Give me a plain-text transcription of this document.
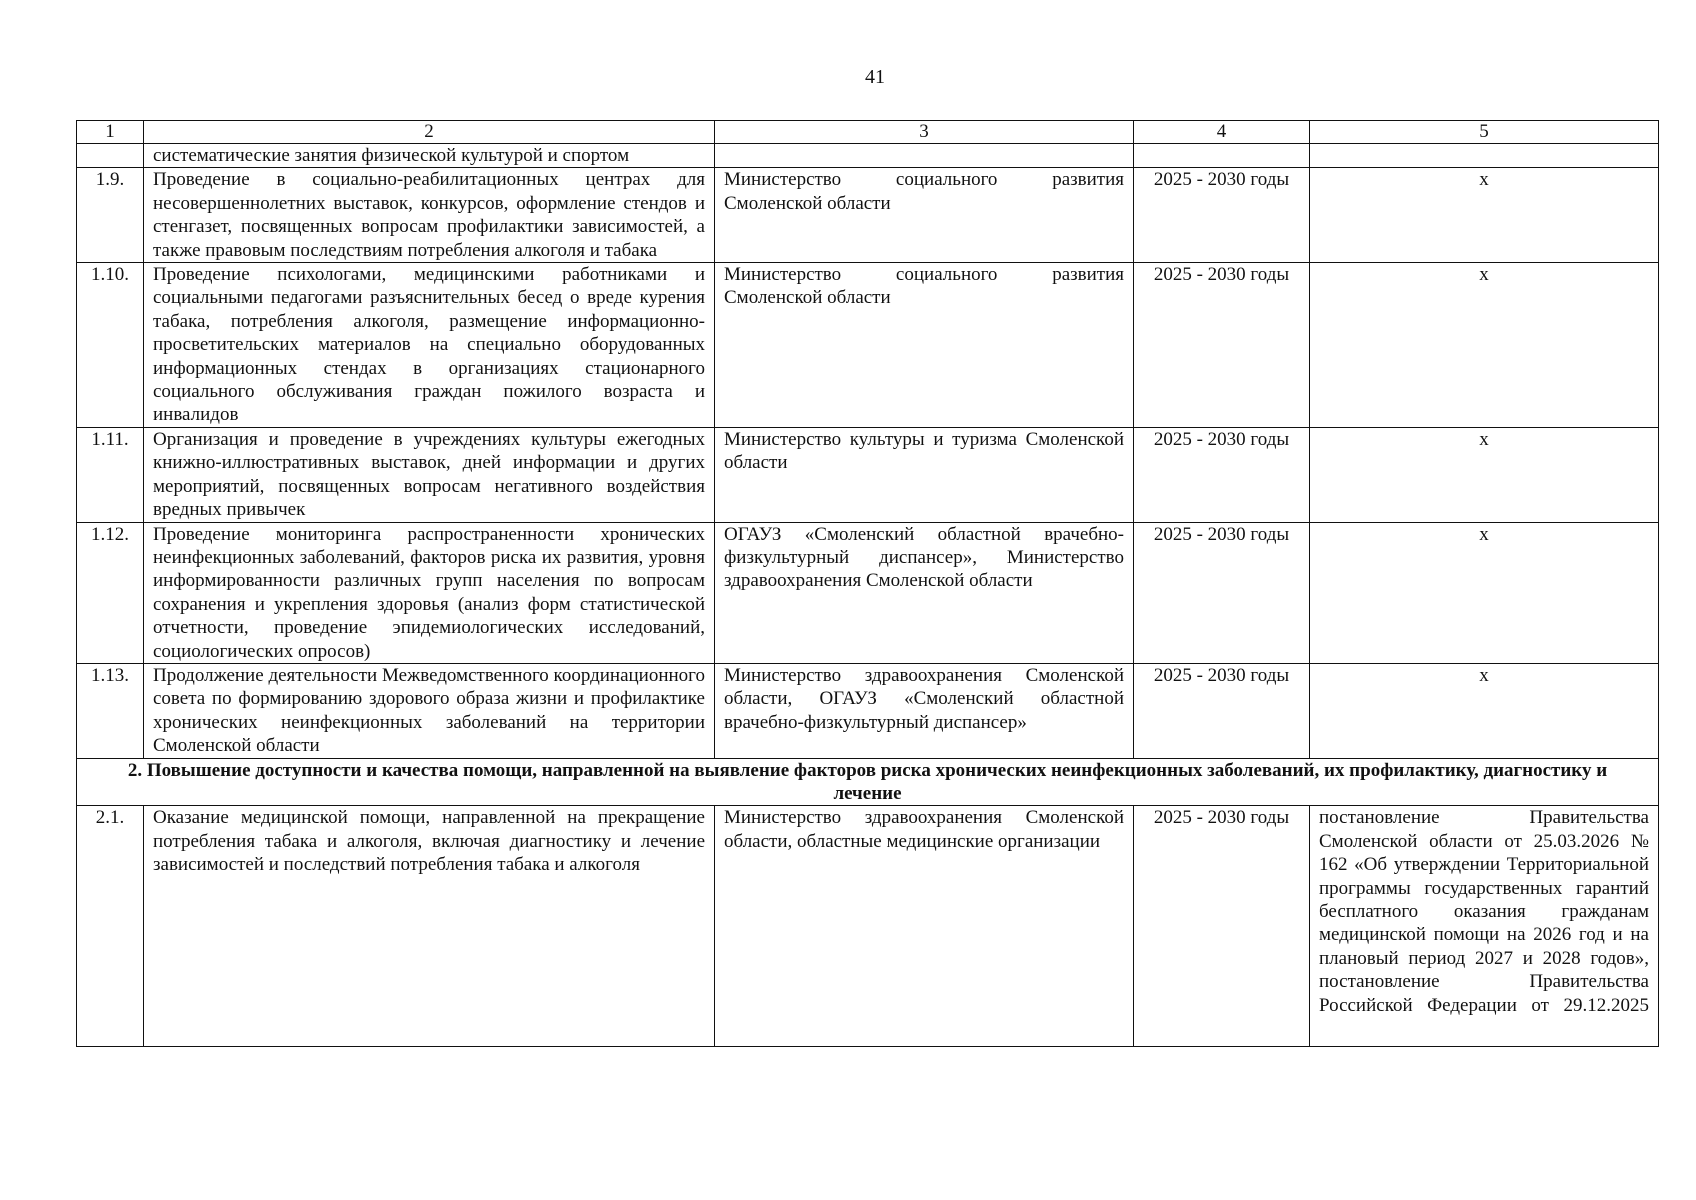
41
1	2	3	4	5
	систематические занятия физической культурой и спортом			
1.9.	Проведение в социально-реабилитационных центрах для несовершеннолетних выставок, конкурсов, оформление стендов и стенгазет, посвященных вопросам профилактики зависимостей, а также правовым последствиям потребления алкоголя и табака	Министерство социального развития Смоленской области	2025 - 2030 годы	х
1.10.	Проведение психологами, медицинскими работниками и социальными педагогами разъяснительных бесед о вреде курения табака, потребления алкоголя, размещение информационно-просветительских материалов на специально оборудованных информационных стендах в организациях стационарного социального обслуживания граждан пожилого возраста и инвалидов	Министерство социального развития Смоленской области	2025 - 2030 годы	х
1.11.	Организация и проведение в учреждениях культуры ежегодных книжно-иллюстративных выставок, дней информации и других мероприятий, посвященных вопросам негативного воздействия вредных привычек	Министерство культуры и туризма Смоленской области	2025 - 2030 годы	х
1.12.	Проведение мониторинга распространенности хронических неинфекционных заболеваний, факторов риска их развития, уровня информированности различных групп населения по вопросам сохранения и укрепления здоровья (анализ форм статистической отчетности, проведение эпидемиологических исследований, социологических опросов)	ОГАУЗ «Смоленский областной врачебно-физкультурный диспансер», Министерство здравоохранения Смоленской области	2025 - 2030 годы	х
1.13.	Продолжение деятельности Межведомственного координационного совета по формированию здорового образа жизни и профилактике хронических неинфекционных заболеваний на территории Смоленской области	Министерство здравоохранения Смоленской области, ОГАУЗ «Смоленский областной врачебно-физкультурный диспансер»	2025 - 2030 годы	х
2. Повышение доступности и качества помощи, направленной на выявление факторов риска хронических неинфекционных заболеваний, их профилактику, диагностику и лечение				
2.1.	Оказание медицинской помощи, направленной на прекращение потребления табака и алкоголя, включая диагностику и лечение зависимостей и последствий потребления табака и алкоголя	Министерство здравоохранения Смоленской области, областные медицинские организации	2025 - 2030 годы	постановление Правительства Смоленской области от 25.03.2026 № 162 «Об утверждении Территориальной программы государственных гарантий бесплатного оказания гражданам медицинской помощи на 2026 год и на плановый период 2027 и 2028 годов», постановление Правительства Российской Федерации от 29.12.2025
